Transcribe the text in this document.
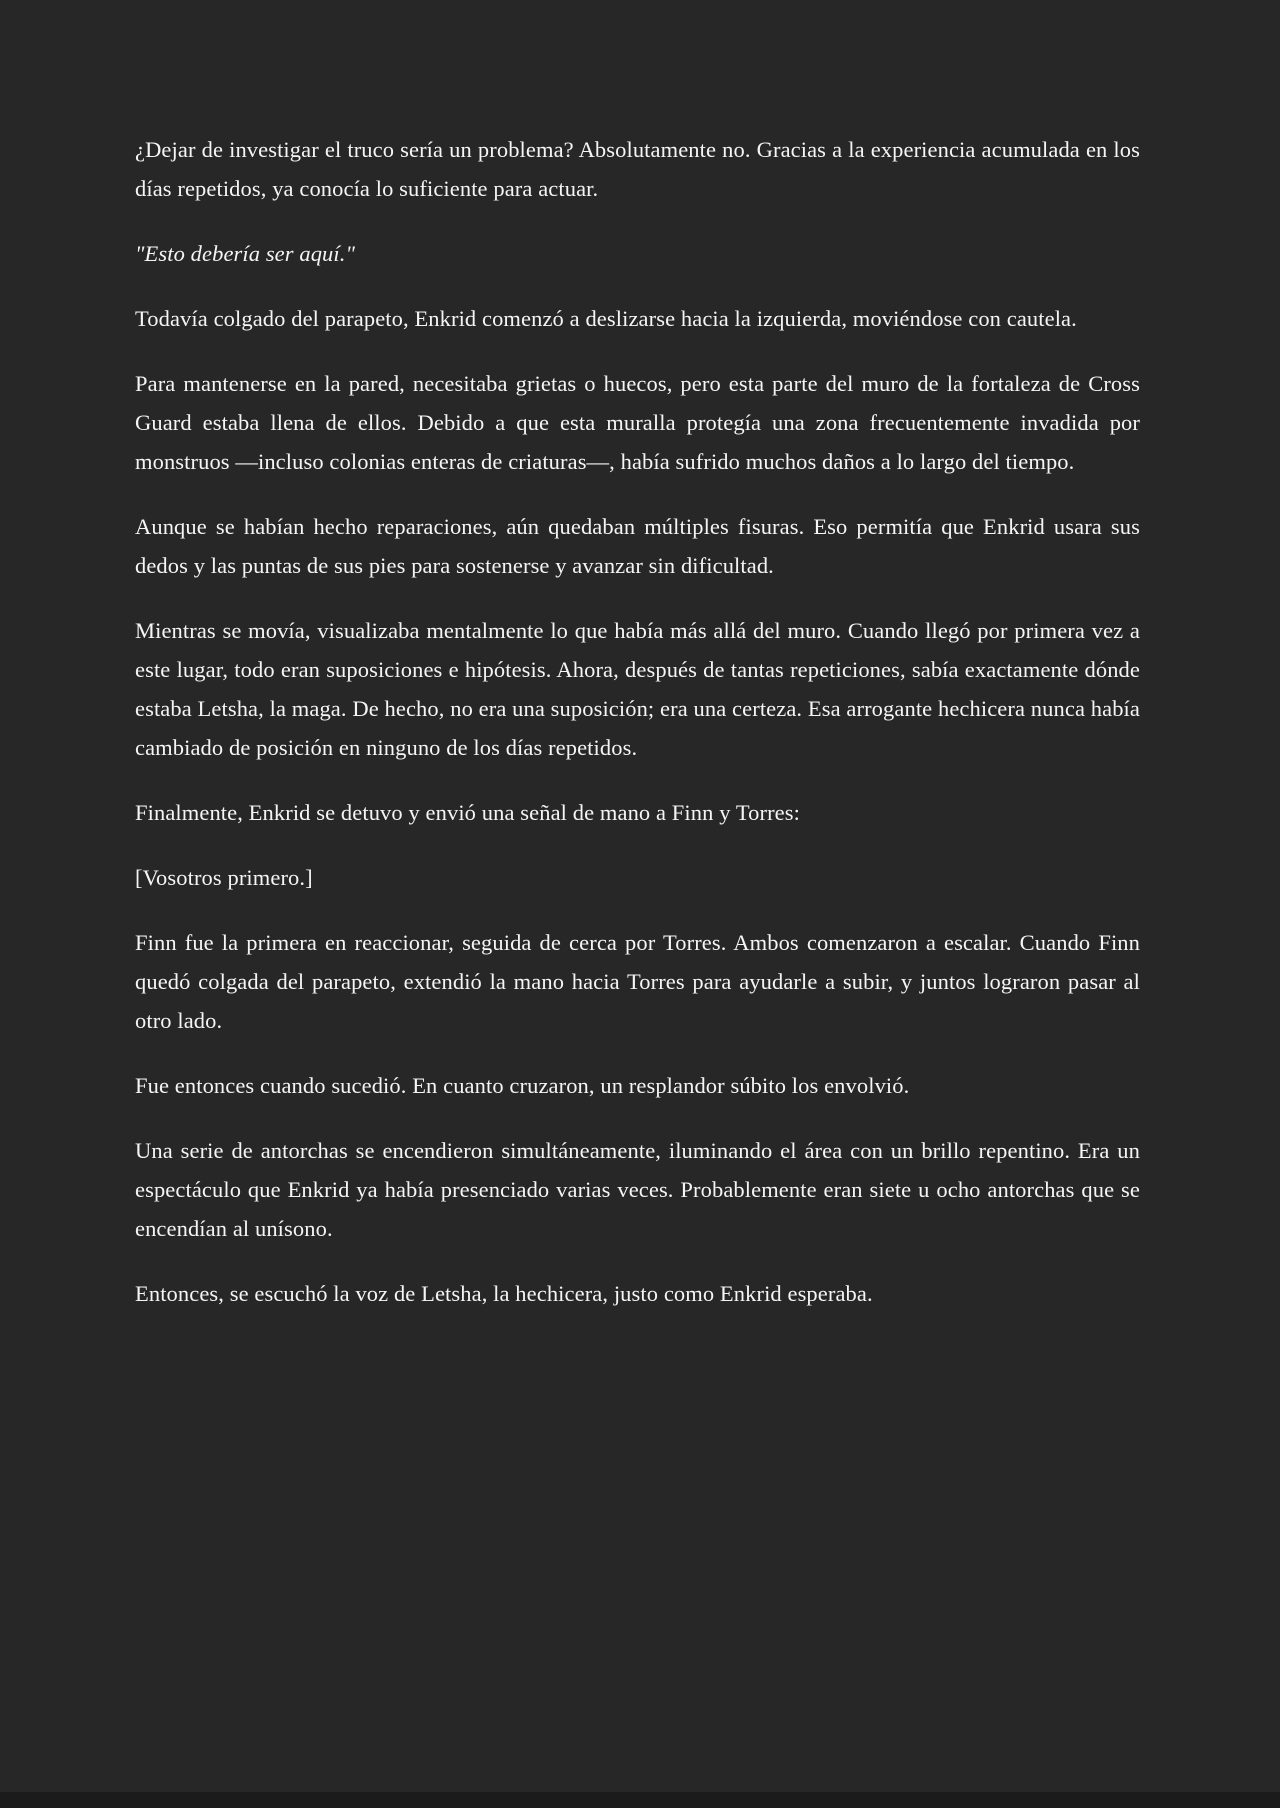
¿Dejar de investigar el truco sería un problema? Absolutamente no. Gracias a la experiencia acumulada en los días repetidos, ya conocía lo suficiente para actuar.

"Esto debería ser aquí."

Todavía colgado del parapeto, Enkrid comenzó a deslizarse hacia la izquierda, moviéndose con cautela.

Para mantenerse en la pared, necesitaba grietas o huecos, pero esta parte del muro de la fortaleza de Cross Guard estaba llena de ellos. Debido a que esta muralla protegía una zona frecuentemente invadida por monstruos —incluso colonias enteras de criaturas—, había sufrido muchos daños a lo largo del tiempo.

Aunque se habían hecho reparaciones, aún quedaban múltiples fisuras. Eso permitía que Enkrid usara sus dedos y las puntas de sus pies para sostenerse y avanzar sin dificultad.

Mientras se movía, visualizaba mentalmente lo que había más allá del muro. Cuando llegó por primera vez a este lugar, todo eran suposiciones e hipótesis. Ahora, después de tantas repeticiones, sabía exactamente dónde estaba Letsha, la maga. De hecho, no era una suposición; era una certeza. Esa arrogante hechicera nunca había cambiado de posición en ninguno de los días repetidos.

Finalmente, Enkrid se detuvo y envió una señal de mano a Finn y Torres:

[Vosotros primero.]

Finn fue la primera en reaccionar, seguida de cerca por Torres. Ambos comenzaron a escalar. Cuando Finn quedó colgada del parapeto, extendió la mano hacia Torres para ayudarle a subir, y juntos lograron pasar al otro lado.

Fue entonces cuando sucedió. En cuanto cruzaron, un resplandor súbito los envolvió.

Una serie de antorchas se encendieron simultáneamente, iluminando el área con un brillo repentino. Era un espectáculo que Enkrid ya había presenciado varias veces. Probablemente eran siete u ocho antorchas que se encendían al unísono.

Entonces, se escuchó la voz de Letsha, la hechicera, justo como Enkrid esperaba.
